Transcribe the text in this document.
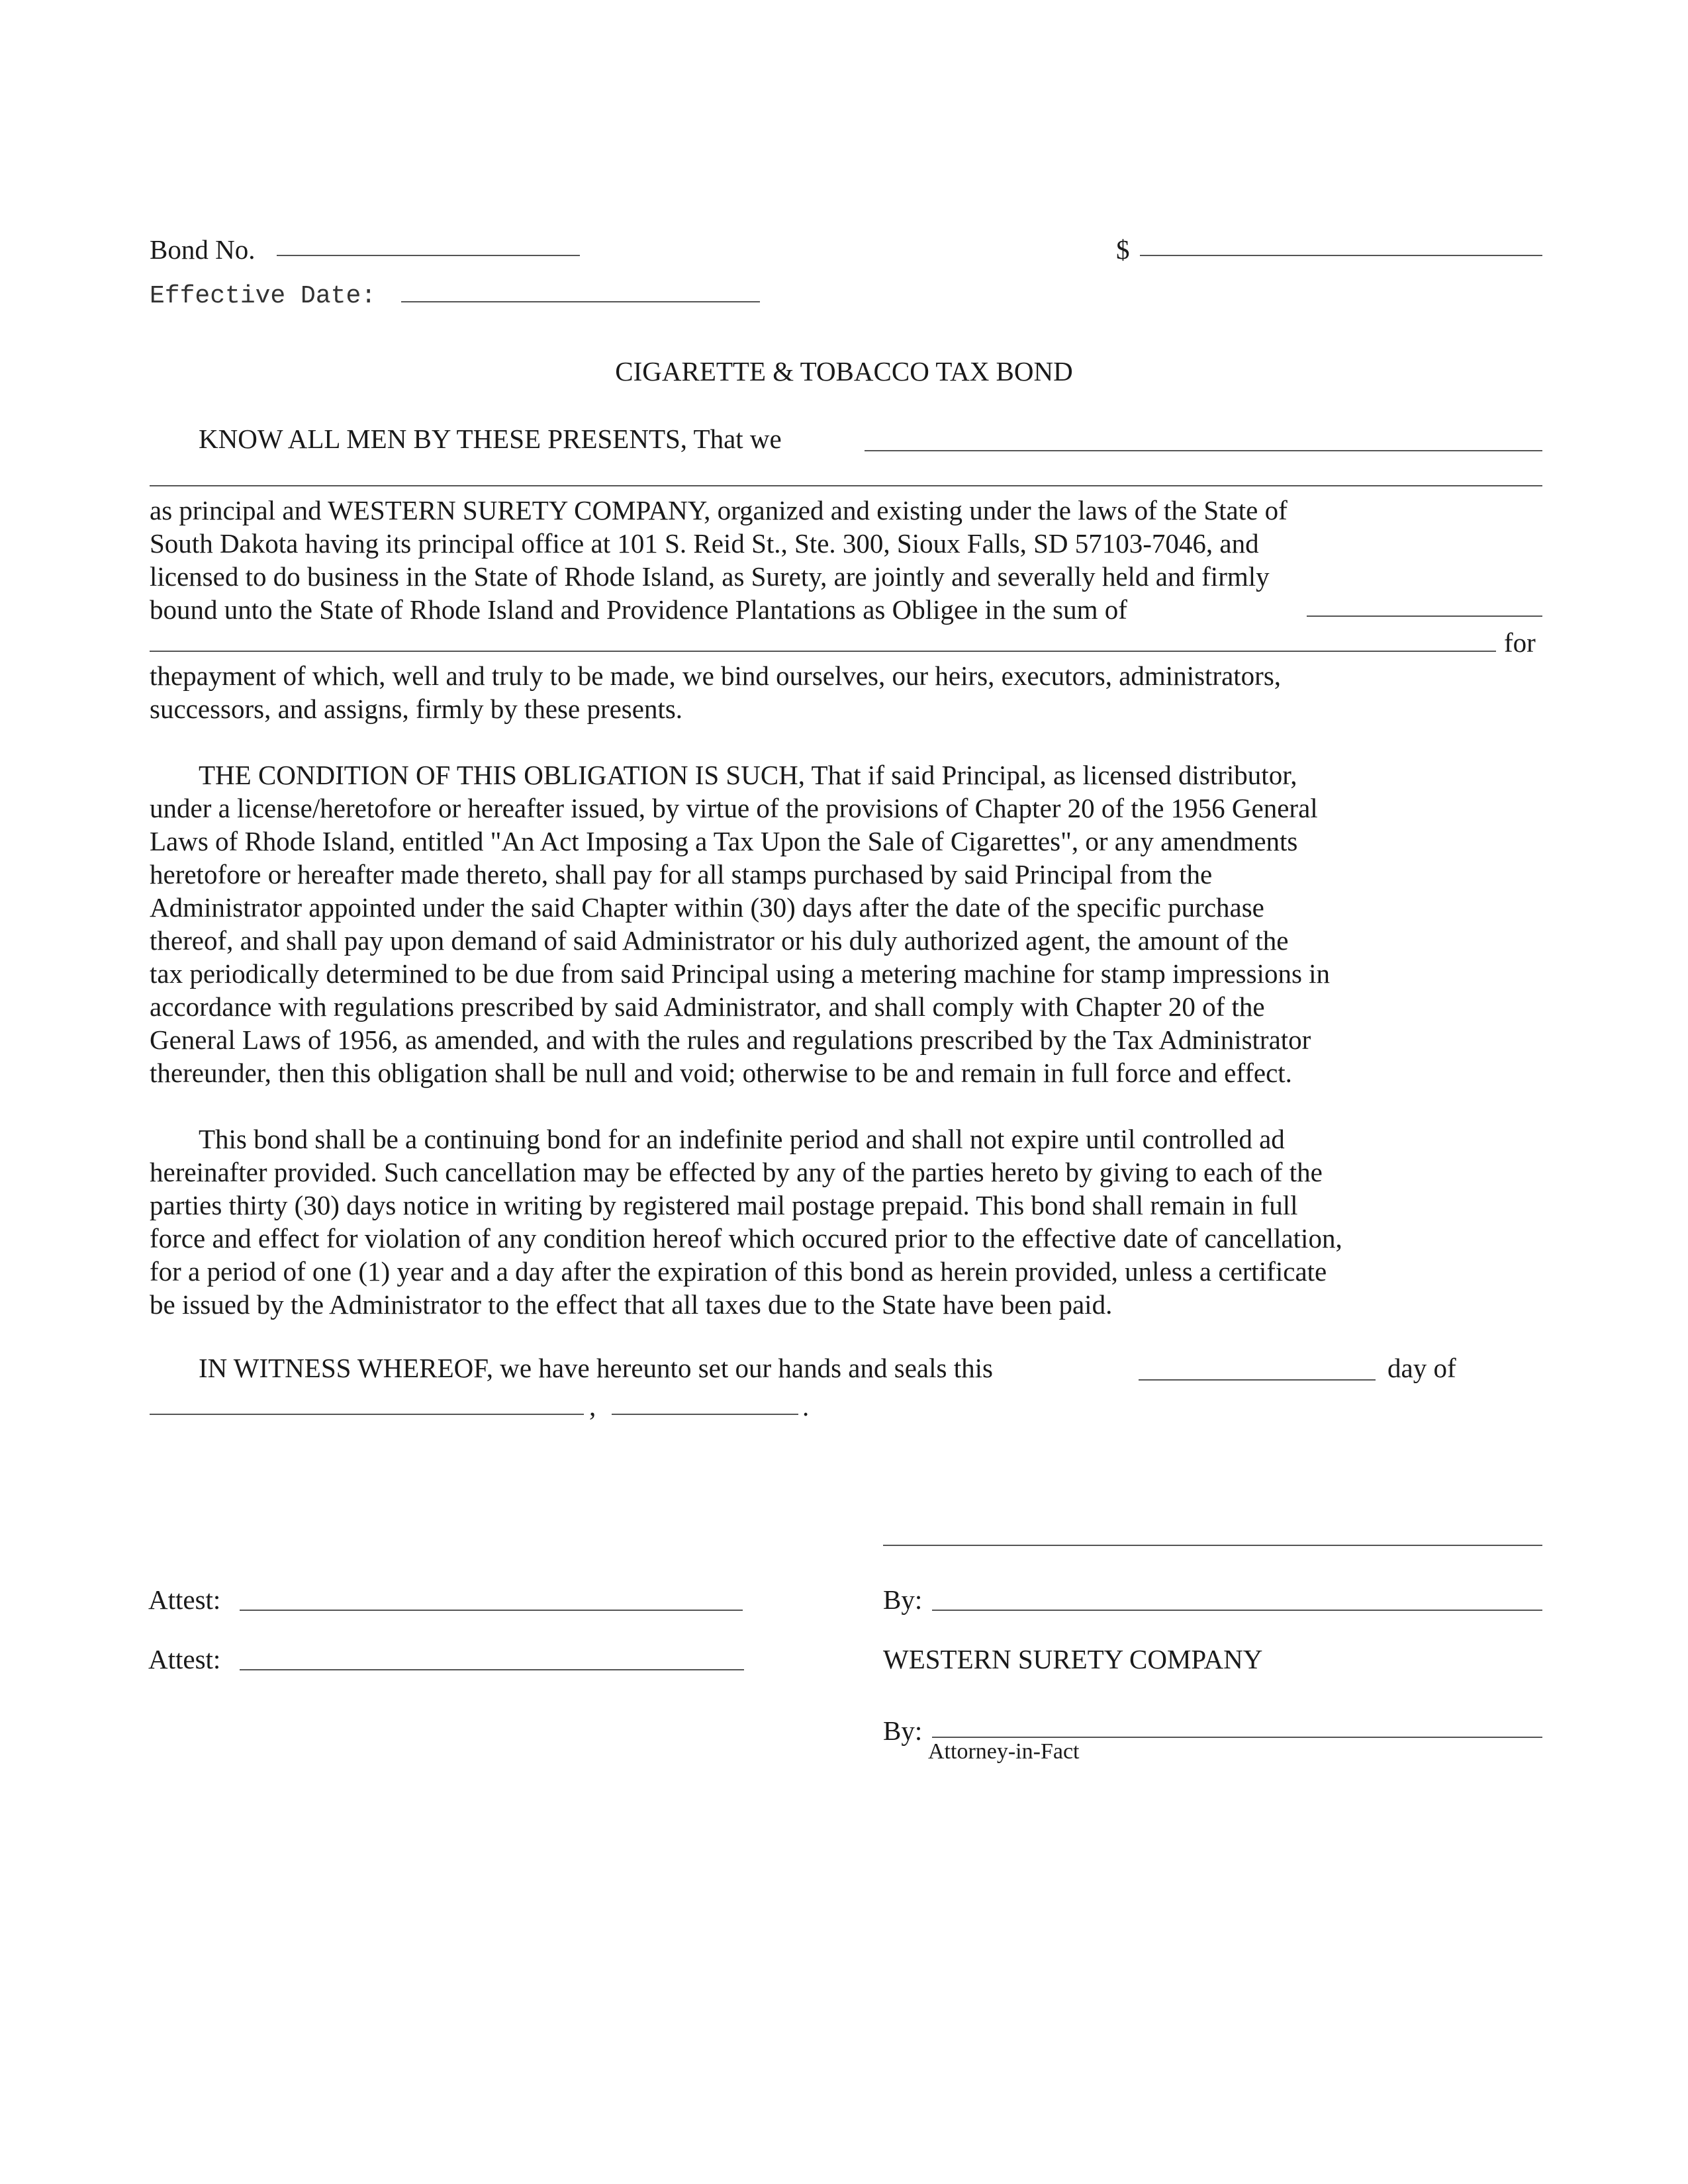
Bond No.	$
Effective Date:
CIGARETTE & TOBACCO TAX BOND
KNOW ALL MEN BY THESE PRESENTS, That we

as principal and WESTERN SURETY COMPANY, organized and existing under the laws of the State of

South Dakota having its principal office at 101 S. Reid St., Ste. 300, Sioux Falls, SD 57103-7046, and

licensed to do business in the State of Rhode Island, as Surety, are jointly and severally held and firmly

bound unto the State of Rhode Island and Providence Plantations as Obligee in the sum of

for

thepayment of which, well and truly to be made, we bind ourselves, our heirs, executors, administrators,

successors, and assigns, firmly by these presents.

THE CONDITION OF THIS OBLIGATION IS SUCH, That if said Principal, as licensed distributor,

under a license/heretofore or hereafter issued, by virtue of the provisions of Chapter 20 of the 1956 General

Laws of Rhode Island, entitled "An Act Imposing a Tax Upon the Sale of Cigarettes", or any amendments

heretofore or hereafter made thereto, shall pay for all stamps purchased by said Principal from the

Administrator appointed under the said Chapter within (30) days after the date of the specific purchase

thereof, and shall pay upon demand of said Administrator or his duly authorized agent, the amount of the

tax periodically determined to be due from said Principal using a metering machine for stamp impressions in

accordance with regulations prescribed by said Administrator, and shall comply with Chapter 20 of the

General Laws of 1956, as amended, and with the rules and regulations prescribed by the Tax Administrator

thereunder, then this obligation shall be null and void; otherwise to be and remain in full force and effect.

This bond shall be a continuing bond for an indefinite period and shall not expire until controlled ad

hereinafter provided. Such cancellation may be effected by any of the parties hereto by giving to each of the

parties thirty (30) days notice in writing by registered mail postage prepaid. This bond shall remain in full

force and effect for violation of any condition hereof which occured prior to the effective date of cancellation,

for a period of one (1) year and a day after the expiration of this bond as herein provided, unless a certificate

be issued by the Administrator to the effect that all taxes due to the State have been paid.

IN WITNESS WHEREOF, we have hereunto set our hands and seals this	day of
,	.
Attest:	By:
Attest:	WESTERN SURETY COMPANY
By:
Attorney-in-Fact
